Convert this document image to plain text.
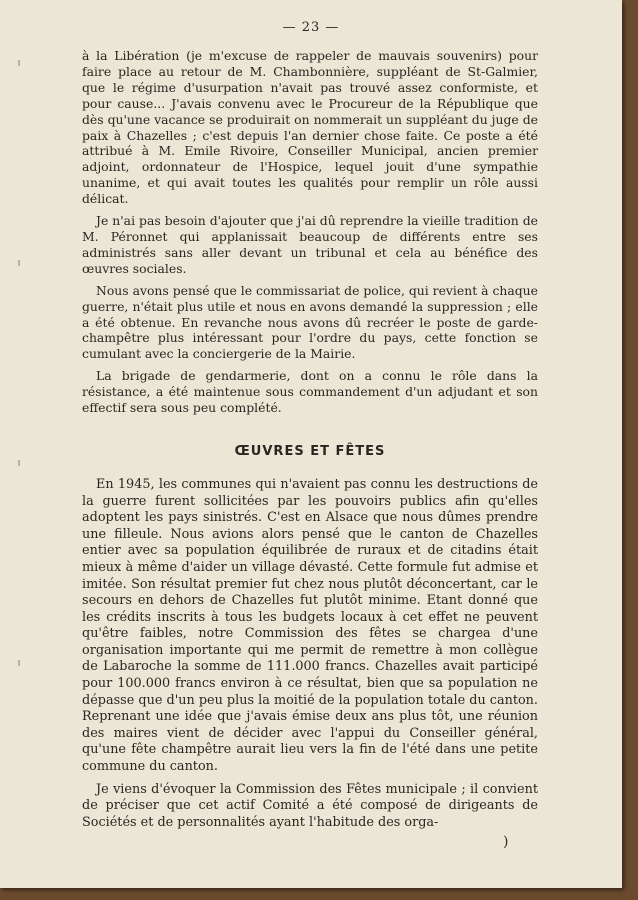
— 23 —

à la Libération (je m'excuse de rappeler de mauvais souvenirs) pour faire place au retour de M. Chambonnière, suppléant de St-Galmier, que le régime d'usurpation n'avait pas trouvé assez conformiste, et pour cause... J'avais convenu avec le Procureur de la République que dès qu'une vacance se produirait on nommerait un suppléant du juge de paix à Chazelles ; c'est depuis l'an dernier chose faite. Ce poste a été attribué à M. Emile Rivoire, Conseiller Municipal, ancien premier adjoint, ordonnateur de l'Hospice, lequel jouit d'une sympathie unanime, et qui avait toutes les qualités pour remplir un rôle aussi délicat.

Je n'ai pas besoin d'ajouter que j'ai dû reprendre la vieille tradition de M. Péronnet qui applanissait beaucoup de différents entre ses administrés sans aller devant un tribunal et cela au bénéfice des œuvres sociales.

Nous avons pensé que le commissariat de police, qui revient à chaque guerre, n'était plus utile et nous en avons demandé la suppression ; elle a été obtenue. En revanche nous avons dû recréer le poste de garde-champêtre plus intéressant pour l'ordre du pays, cette fonction se cumulant avec la conciergerie de la Mairie.

La brigade de gendarmerie, dont on a connu le rôle dans la résistance, a été maintenue sous commandement d'un adjudant et son effectif sera sous peu complété.

ŒUVRES ET FÊTES

En 1945, les communes qui n'avaient pas connu les destructions de la guerre furent sollicitées par les pouvoirs publics afin qu'elles adoptent les pays sinistrés. C'est en Alsace que nous dûmes prendre une filleule. Nous avions alors pensé que le canton de Chazelles entier avec sa population équilibrée de ruraux et de citadins était mieux à même d'aider un village dévasté. Cette formule fut admise et imitée. Son résultat premier fut chez nous plutôt déconcertant, car le secours en dehors de Chazelles fut plutôt minime. Etant donné que les crédits inscrits à tous les budgets locaux à cet effet ne peuvent qu'être faibles, notre Commission des fêtes se chargea d'une organisation importante qui me permit de remettre à mon collègue de Labaroche la somme de 111.000 francs. Chazelles avait participé pour 100.000 francs environ à ce résultat, bien que sa population ne dépasse que d'un peu plus la moitié de la population totale du canton. Reprenant une idée que j'avais émise deux ans plus tôt, une réunion des maires vient de décider avec l'appui du Conseiller général, qu'une fête champêtre aurait lieu vers la fin de l'été dans une petite commune du canton.

Je viens d'évoquer la Commission des Fêtes municipale ; il convient de préciser que cet actif Comité a été composé de dirigeants de Sociétés et de personnalités ayant l'habitude des orga-

)
